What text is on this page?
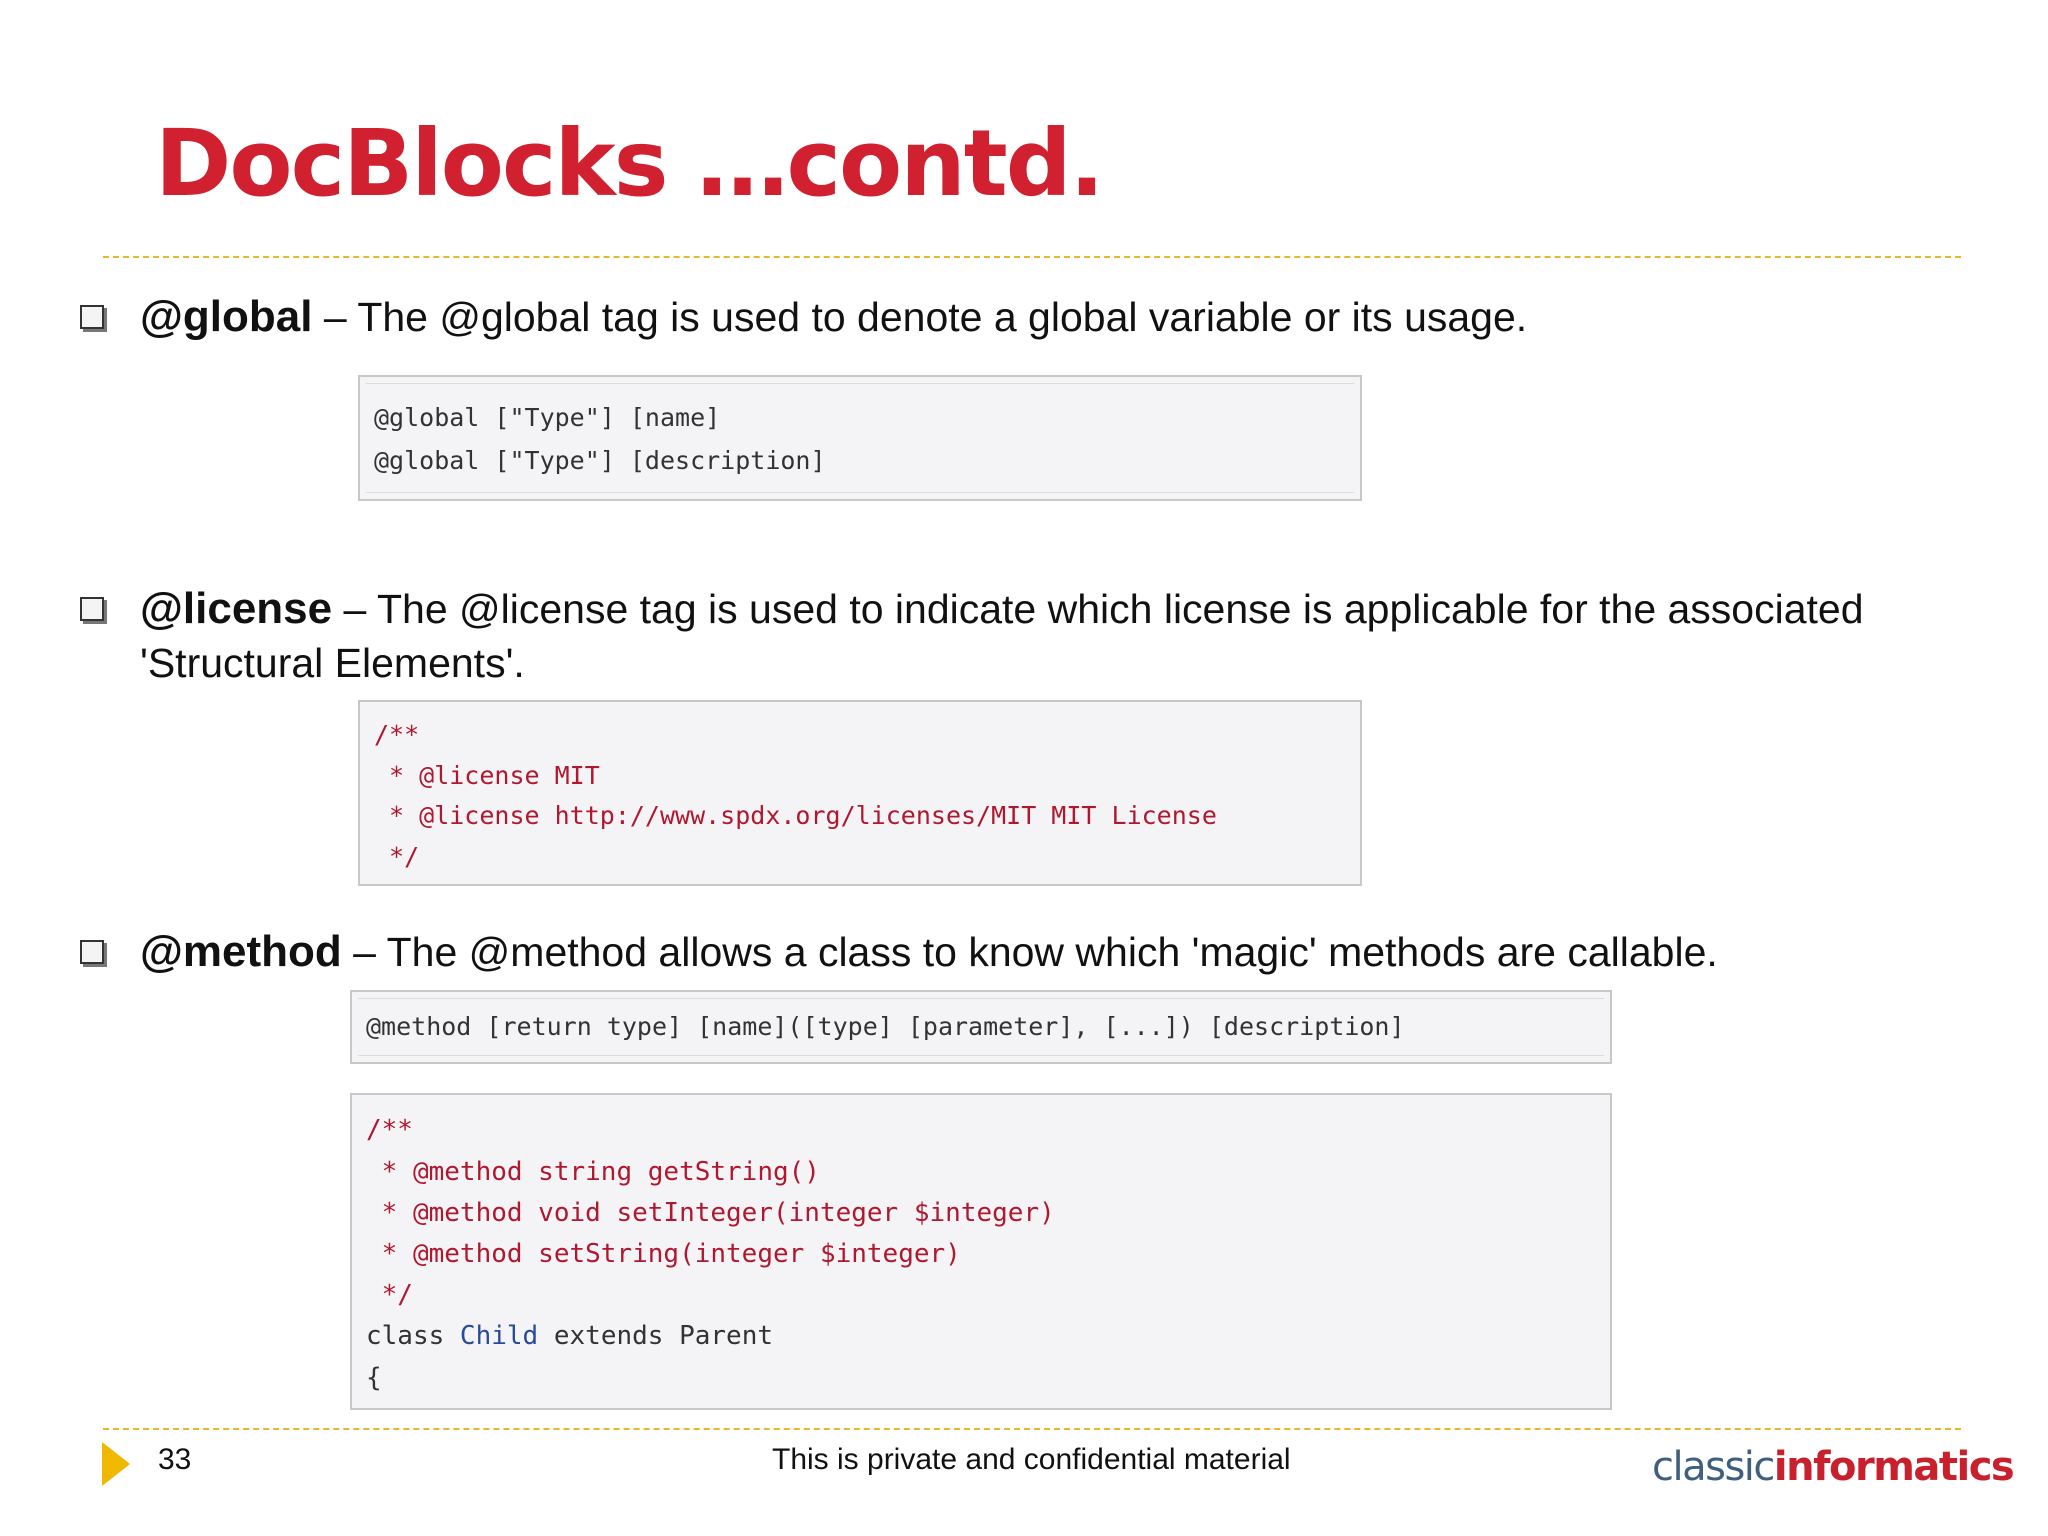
DocBlocks …contd.
@global – The @global tag is used to denote a global variable or its usage.
@global ["Type"] [name]
@global ["Type"] [description]
@license – The @license tag is used to indicate which license is applicable for the associated 'Structural Elements'.
/**
* @license MIT
* @license http://www.spdx.org/licenses/MIT MIT License
*/
@method – The @method allows a class to know which 'magic' methods are callable.
@method [return type] [name]([type] [parameter], [...]) [description]
/**
* @method string getString()
* @method void setInteger(integer $integer)
* @method setString(integer $integer)
*/
class Child extends Parent
{
33	This is private and confidential material	classicinformatics
